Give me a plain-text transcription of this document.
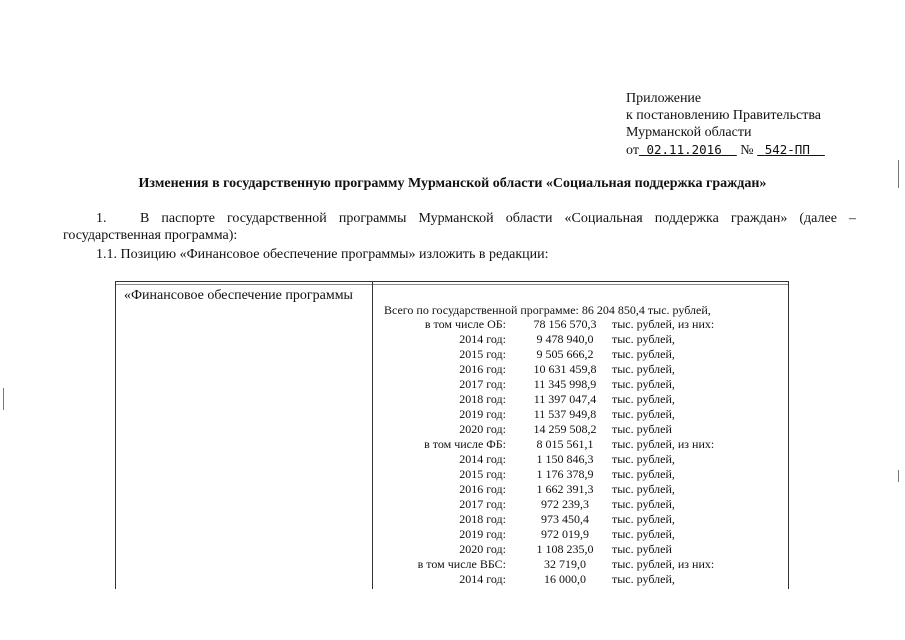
Приложение
к постановлению Правительства
Мурманской области
от 02.11.2016 № 542-ПП
Изменения в государственную программу Мурманской области «Социальная поддержка граждан»
1. В паспорте государственной программы Мурманской области «Социальная поддержка граждан» (далее – государственная программа):
1.1. Позицию «Финансовое обеспечение программы» изложить в редакции:
«Финансовое обеспечение программы
Всего по государственной программе: 86 204 850,4 тыс. рублей,
в том числе ОБ:	78 156 570,3	тыс. рублей, из них:
2014 год:	9 478 940,0	тыс. рублей,
2015 год:	9 505 666,2	тыс. рублей,
2016 год:	10 631 459,8	тыс. рублей,
2017 год:	11 345 998,9	тыс. рублей,
2018 год:	11 397 047,4	тыс. рублей,
2019 год:	11 537 949,8	тыс. рублей,
2020 год:	14 259 508,2	тыс. рублей
в том числе ФБ:	8 015 561,1	тыс. рублей, из них:
2014 год:	1 150 846,3	тыс. рублей,
2015 год:	1 176 378,9	тыс. рублей,
2016 год:	1 662 391,3	тыс. рублей,
2017 год:	972 239,3	тыс. рублей,
2018 год:	973 450,4	тыс. рублей,
2019 год:	972 019,9	тыс. рублей,
2020 год:	1 108 235,0	тыс. рублей
в том числе ВБС:	32 719,0	тыс. рублей, из них:
2014 год:	16 000,0	тыс. рублей,
